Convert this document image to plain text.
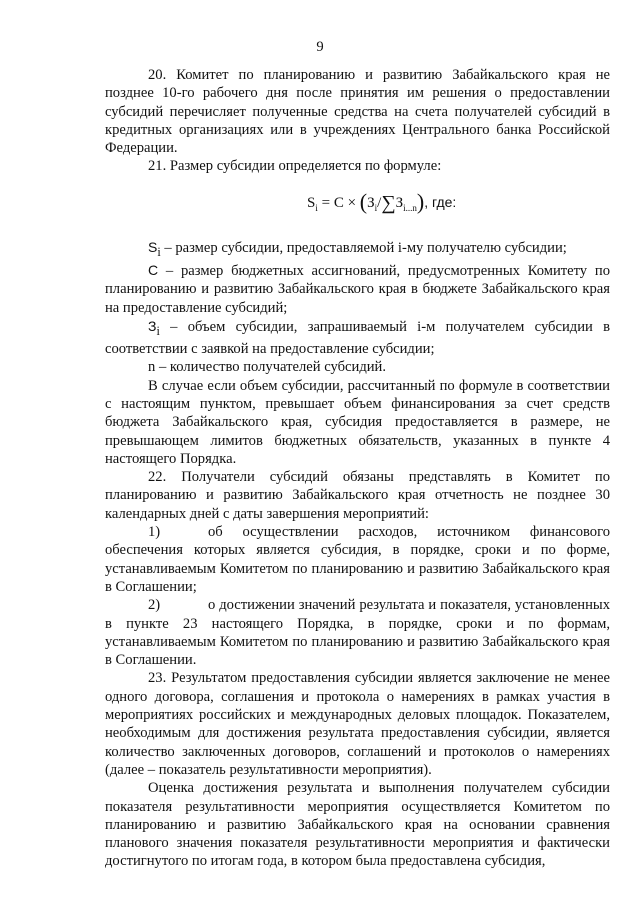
9

20. Комитет по планированию и развитию Забайкальского края не позднее 10-го рабочего дня после принятия им решения о предоставлении субсидий перечисляет полученные средства на счета получателей субсидий в кредитных организациях или в учреждениях Центрального банка Российской Федерации.

21. Размер субсидии определяется по формуле:

$S_i = C \times (З_i/\sum З_{i...n})$, где:

$S_i$ – размер субсидии, предоставляемой i-му получателю субсидии;

C – размер бюджетных ассигнований, предусмотренных Комитету по планированию и развитию Забайкальского края в бюджете Забайкальского края на предоставление субсидий;

$З_i$ – объем субсидии, запрашиваемый i-м получателем субсидии в соответствии с заявкой на предоставление субсидии;

n – количество получателей субсидий.

В случае если объем субсидии, рассчитанный по формуле в соответствии с настоящим пунктом, превышает объем финансирования за счет средств бюджета Забайкальского края, субсидия предоставляется в размере, не превышающем лимитов бюджетных обязательств, указанных в пункте 4 настоящего Порядка.

22. Получатели субсидий обязаны представлять в Комитет по планированию и развитию Забайкальского края отчетность не позднее 30 календарных дней с даты завершения мероприятий:

1)	об осуществлении расходов, источником финансового обеспечения которых является субсидия, в порядке, сроки и по форме, устанавливаемым Комитетом по планированию и развитию Забайкальского края в Соглашении;

2)	о достижении значений результата и показателя, установленных в пункте 23 настоящего Порядка, в порядке, сроки и по формам, устанавливаемым Комитетом по планированию и развитию Забайкальского края в Соглашении.

23. Результатом предоставления субсидии является заключение не менее одного договора, соглашения и протокола о намерениях в рамках участия в мероприятиях российских и международных деловых площадок. Показателем, необходимым для достижения результата предоставления субсидии, является количество заключенных договоров, соглашений и протоколов о намерениях (далее – показатель результативности мероприятия).

Оценка достижения результата и выполнения получателем субсидии показателя результативности мероприятия осуществляется Комитетом по планированию и развитию Забайкальского края на основании сравнения планового значения показателя результативности мероприятия и фактически достигнутого по итогам года, в котором была предоставлена субсидия,
